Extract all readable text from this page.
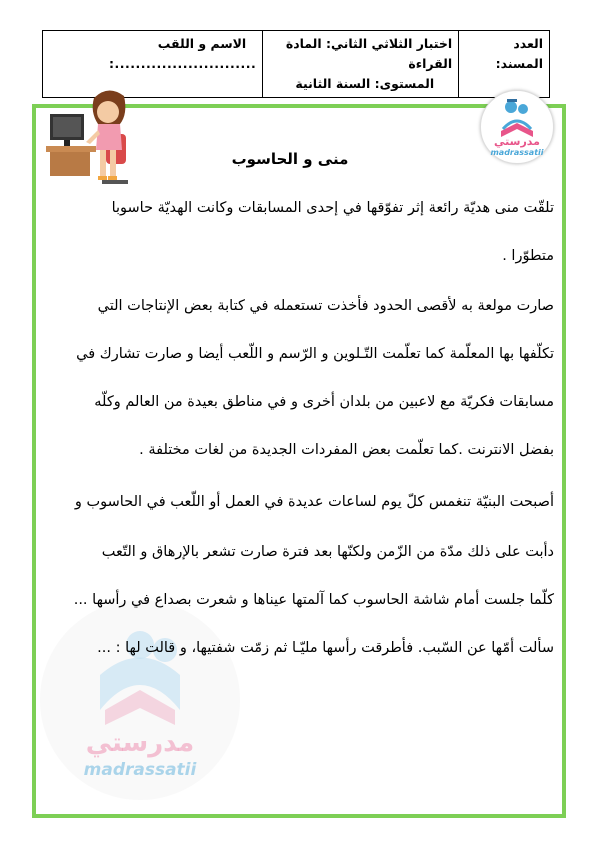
العدد
المسند:
اختبار الثلاثي الثاني: المادة القراءة
المستوى: السنة الثانية
الاسم و اللقب
:...........................
مدرستي
madrassatii
مدرستي
madrassatii
منى و الحاسوب
تلقّت منى هديّة رائعة إثر تفوّقها في إحدى المسابقات وكانت الهديّة حاسوبا
متطوّرا .
صارت مولعة به لأقصى الحدود فأخذت تستعمله في كتابة بعض الإنتاجات التي
تكلّفها بها المعلّمة كما تعلّمت التّـلوين و الرّسم و اللّعب أيضا و صارت تشارك في
مسابقات فكريّة مع لاعبين من بلدان أخرى و في مناطق بعيدة من العالم وكلّه
بفضل الانترنت .كما تعلّمت بعض المفردات الجديدة من لغات مختلفة .
أصبحت البنيّة تنغمس كلّ يوم لساعات عديدة في العمل أو اللّعب في الحاسوب و
دأبت على ذلك مدّة من الزّمن ولكنّها بعد فترة صارت تشعر بالإرهاق و التّعب
كلّما جلست أمام شاشة الحاسوب كما آلمتها عيناها و شعرت بصداع في رأسها ...
سألت أمّها عن السّبب. فأطرقت رأسها مليّـا ثم زمّت شفتيها، و قالت لها : ...
